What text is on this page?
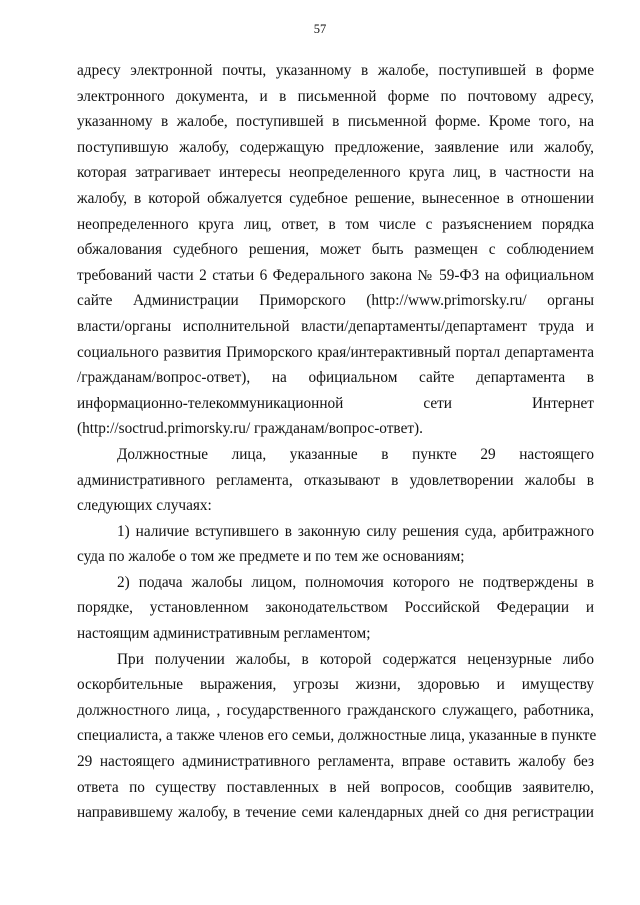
57
адресу электронной почты, указанному в жалобе, поступившей в форме
электронного документа, и в письменной форме по почтовому адресу,
указанному в жалобе, поступившей в письменной форме. Кроме того, на
поступившую жалобу, содержащую предложение, заявление или жалобу,
которая затрагивает интересы неопределенного круга лиц, в частности на
жалобу, в которой обжалуется судебное решение, вынесенное в отношении
неопределенного круга лиц, ответ, в том числе с разъяснением порядка
обжалования судебного решения, может быть размещен с соблюдением
требований части 2 статьи 6 Федерального закона № 59-ФЗ на официальном
сайте Администрации Приморского (http://www.primorsky.ru/ органы
власти/органы исполнительной власти/департаменты/департамент труда и
социального развития Приморского края/интерактивный портал департамента
/гражданам/вопрос-ответ), на официальном сайте департамента в
информационно-телекоммуникационной сети Интернет
(http://soctrud.primorsky.ru/ гражданам/вопрос-ответ).
Должностные лица, указанные в пункте 29 настоящего
административного регламента, отказывают в удовлетворении жалобы в
следующих случаях:
1) наличие вступившего в законную силу решения суда, арбитражного
суда по жалобе о том же предмете и по тем же основаниям;
2) подача жалобы лицом, полномочия которого не подтверждены в
порядке, установленном законодательством Российской Федерации и
настоящим административным регламентом;
При получении жалобы, в которой содержатся нецензурные либо
оскорбительные выражения, угрозы жизни, здоровью и имуществу
должностного лица, , государственного гражданского служащего, работника,
специалиста, а также членов его семьи, должностные лица, указанные в пункте
29 настоящего административного регламента, вправе оставить жалобу без
ответа по существу поставленных в ней вопросов, сообщив заявителю,
направившему жалобу, в течение семи календарных дней со дня регистрации
